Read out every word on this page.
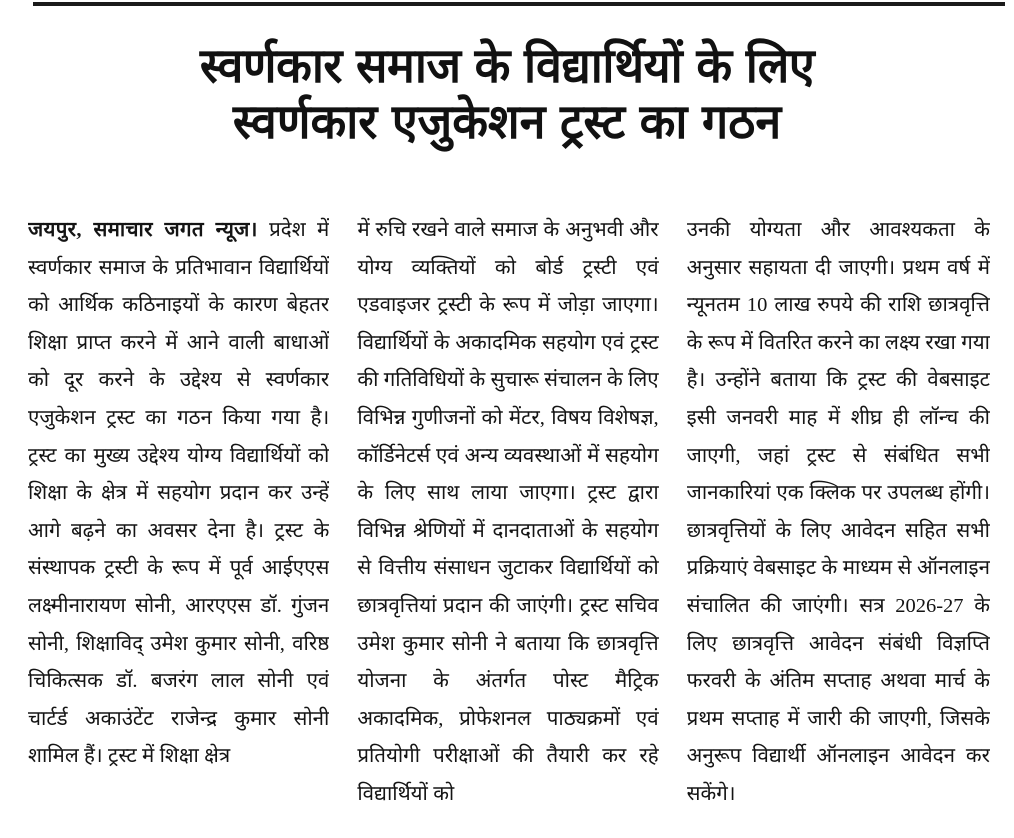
स्वर्णकार समाज के विद्यार्थियों के लिए
स्वर्णकार एजुकेशन ट्रस्ट का गठन

जयपुर, समाचार जगत न्यूज। प्रदेश में स्वर्णकार समाज के प्रतिभावान विद्यार्थियों को आर्थिक कठिनाइयों के कारण बेहतर शिक्षा प्राप्त करने में आने वाली बाधाओं को दूर करने के उद्देश्य से स्वर्णकार एजुकेशन ट्रस्ट का गठन किया गया है। ट्रस्ट का मुख्य उद्देश्य योग्य विद्यार्थियों को शिक्षा के क्षेत्र में सहयोग प्रदान कर उन्हें आगे बढ़ने का अवसर देना है। ट्रस्ट के संस्थापक ट्रस्टी के रूप में पूर्व आईएएस लक्ष्मीनारायण सोनी, आरएएस डॉ. गुंजन सोनी, शिक्षाविद् उमेश कुमार सोनी, वरिष्ठ चिकित्सक डॉ. बजरंग लाल सोनी एवं चार्टर्ड अकाउंटेंट राजेन्द्र कुमार सोनी शामिल हैं। ट्रस्ट में शिक्षा क्षेत्र

में रुचि रखने वाले समाज के अनुभवी और योग्य व्यक्तियों को बोर्ड ट्रस्टी एवं एडवाइजर ट्रस्टी के रूप में जोड़ा जाएगा। विद्यार्थियों के अकादमिक सहयोग एवं ट्रस्ट की गतिविधियों के सुचारू संचालन के लिए विभिन्न गुणीजनों को मेंटर, विषय विशेषज्ञ, कॉर्डिनेटर्स एवं अन्य व्यवस्थाओं में सहयोग के लिए साथ लाया जाएगा। ट्रस्ट द्वारा विभिन्न श्रेणियों में दानदाताओं के सहयोग से वित्तीय संसाधन जुटाकर विद्यार्थियों को छात्रवृत्तियां प्रदान की जाएंगी। ट्रस्ट सचिव उमेश कुमार सोनी ने बताया कि छात्रवृत्ति योजना के अंतर्गत पोस्ट मैट्रिक अकादमिक, प्रोफेशनल पाठ्यक्रमों एवं प्रतियोगी परीक्षाओं की तैयारी कर रहे विद्यार्थियों को

उनकी योग्यता और आवश्यकता के अनुसार सहायता दी जाएगी। प्रथम वर्ष में न्यूनतम 10 लाख रुपये की राशि छात्रवृत्ति के रूप में वितरित करने का लक्ष्य रखा गया है। उन्होंने बताया कि ट्रस्ट की वेबसाइट इसी जनवरी माह में शीघ्र ही लॉन्च की जाएगी, जहां ट्रस्ट से संबंधित सभी जानकारियां एक क्लिक पर उपलब्ध होंगी। छात्रवृत्तियों के लिए आवेदन सहित सभी प्रक्रियाएं वेबसाइट के माध्यम से ऑनलाइन संचालित की जाएंगी। सत्र 2026-27 के लिए छात्रवृत्ति आवेदन संबंधी विज्ञप्ति फरवरी के अंतिम सप्ताह अथवा मार्च के प्रथम सप्ताह में जारी की जाएगी, जिसके अनुरूप विद्यार्थी ऑनलाइन आवेदन कर सकेंगे।
